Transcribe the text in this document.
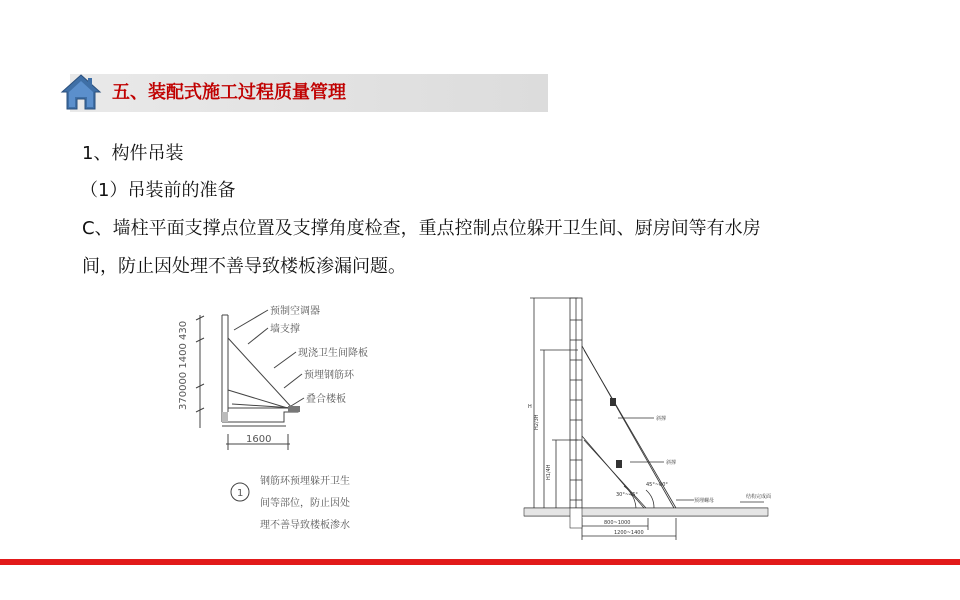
五、装配式施工过程质量管理
1、构件吊装
（1）吊装前的准备
C、墙柱平面支撑点位置及支撑角度检查，重点控制点位躲开卫生间、厨房间等有水房
间，防止因处理不善导致楼板渗漏问题。
370000 1400 430
预制空调器
墙支撑
现浇卫生间降板
预埋钢筋环
叠合楼板
1600
1
钢筋环预埋躲开卫生
间等部位，防止因处
理不善导致楼板渗水
H
H2/3H
H1/4H
斜撑
斜撑
预埋螺母
结构完成面
30°~45°
45°~60°
800~1000
1200~1400
